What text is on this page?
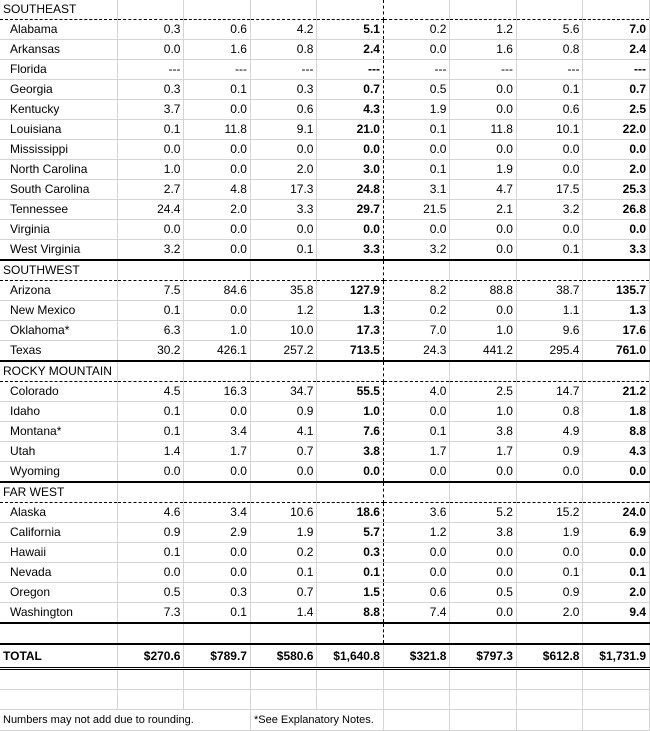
SOUTHEAST								
Alabama	0.3	0.6	4.2	5.1	0.2	1.2	5.6	7.0
Arkansas	0.0	1.6	0.8	2.4	0.0	1.6	0.8	2.4
Florida	---	---	---	---	---	---	---	---
Georgia	0.3	0.1	0.3	0.7	0.5	0.0	0.1	0.7
Kentucky	3.7	0.0	0.6	4.3	1.9	0.0	0.6	2.5
Louisiana	0.1	11.8	9.1	21.0	0.1	11.8	10.1	22.0
Mississippi	0.0	0.0	0.0	0.0	0.0	0.0	0.0	0.0
North Carolina	1.0	0.0	2.0	3.0	0.1	1.9	0.0	2.0
South Carolina	2.7	4.8	17.3	24.8	3.1	4.7	17.5	25.3
Tennessee	24.4	2.0	3.3	29.7	21.5	2.1	3.2	26.8
Virginia	0.0	0.0	0.0	0.0	0.0	0.0	0.0	0.0
West Virginia	3.2	0.0	0.1	3.3	3.2	0.0	0.1	3.3
SOUTHWEST								
Arizona	7.5	84.6	35.8	127.9	8.2	88.8	38.7	135.7
New Mexico	0.1	0.0	1.2	1.3	0.2	0.0	1.1	1.3
Oklahoma*	6.3	1.0	10.0	17.3	7.0	1.0	9.6	17.6
Texas	30.2	426.1	257.2	713.5	24.3	441.2	295.4	761.0
ROCKY MOUNTAIN								
Colorado	4.5	16.3	34.7	55.5	4.0	2.5	14.7	21.2
Idaho	0.1	0.0	0.9	1.0	0.0	1.0	0.8	1.8
Montana*	0.1	3.4	4.1	7.6	0.1	3.8	4.9	8.8
Utah	1.4	1.7	0.7	3.8	1.7	1.7	0.9	4.3
Wyoming	0.0	0.0	0.0	0.0	0.0	0.0	0.0	0.0
FAR WEST								
Alaska	4.6	3.4	10.6	18.6	3.6	5.2	15.2	24.0
California	0.9	2.9	1.9	5.7	1.2	3.8	1.9	6.9
Hawaii	0.1	0.0	0.2	0.3	0.0	0.0	0.0	0.0
Nevada	0.0	0.0	0.1	0.1	0.0	0.0	0.1	0.1
Oregon	0.5	0.3	0.7	1.5	0.6	0.5	0.9	2.0
Washington	7.3	0.1	1.4	8.8	7.4	0.0	2.0	9.4

TOTAL	$270.6	$789.7	$580.6	$1,640.8	$321.8	$797.3	$612.8	$1,731.9

Numbers may not add due to rounding.			*See Explanatory Notes.					
